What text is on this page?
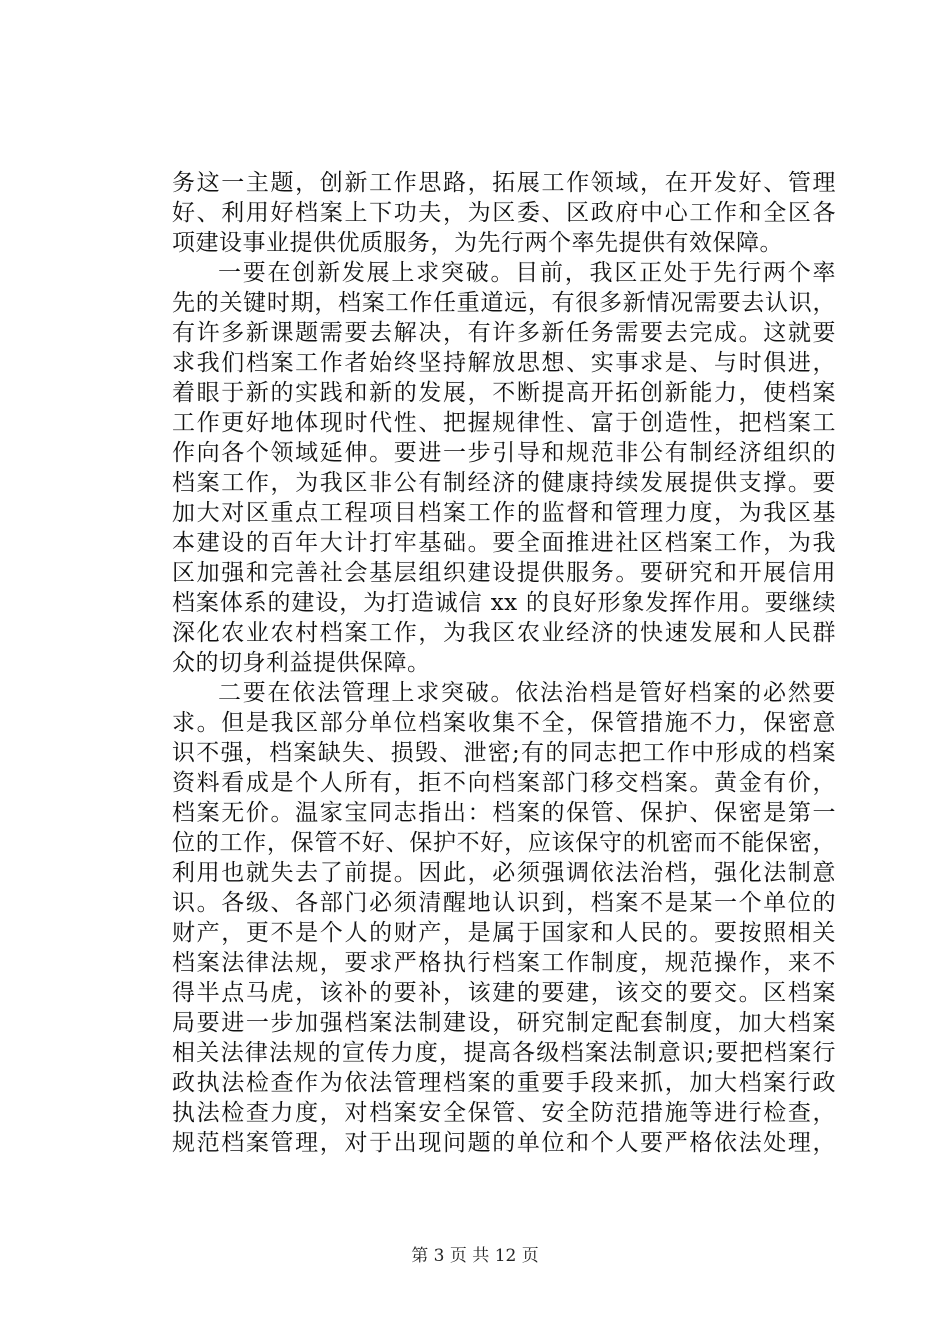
务这一主题，创新工作思路，拓展工作领域，在开发好、管理
好、利用好档案上下功夫，为区委、区政府中心工作和全区各
项建设事业提供优质服务，为先行两个率先提供有效保障。
一要在创新发展上求突破。目前，我区正处于先行两个率
先的关键时期，档案工作任重道远，有很多新情况需要去认识，
有许多新课题需要去解决，有许多新任务需要去完成。这就要
求我们档案工作者始终坚持解放思想、实事求是、与时俱进，
着眼于新的实践和新的发展，不断提高开拓创新能力，使档案
工作更好地体现时代性、把握规律性、富于创造性，把档案工
作向各个领域延伸。要进一步引导和规范非公有制经济组织的
档案工作，为我区非公有制经济的健康持续发展提供支撑。要
加大对区重点工程项目档案工作的监督和管理力度，为我区基
本建设的百年大计打牢基础。要全面推进社区档案工作，为我
区加强和完善社会基层组织建设提供服务。要研究和开展信用
档案体系的建设，为打造诚信 xx 的良好形象发挥作用。要继续
深化农业农村档案工作，为我区农业经济的快速发展和人民群
众的切身利益提供保障。
二要在依法管理上求突破。依法治档是管好档案的必然要
求。但是我区部分单位档案收集不全，保管措施不力，保密意
识不强，档案缺失、损毁、泄密;有的同志把工作中形成的档案
资料看成是个人所有，拒不向档案部门移交档案。黄金有价，
档案无价。温家宝同志指出：档案的保管、保护、保密是第一
位的工作，保管不好、保护不好，应该保守的机密而不能保密，
利用也就失去了前提。因此，必须强调依法治档，强化法制意
识。各级、各部门必须清醒地认识到，档案不是某一个单位的
财产，更不是个人的财产，是属于国家和人民的。要按照相关
档案法律法规，要求严格执行档案工作制度，规范操作，来不
得半点马虎，该补的要补，该建的要建，该交的要交。区档案
局要进一步加强档案法制建设，研究制定配套制度，加大档案
相关法律法规的宣传力度，提高各级档案法制意识;要把档案行
政执法检查作为依法管理档案的重要手段来抓，加大档案行政
执法检查力度，对档案安全保管、安全防范措施等进行检查，
规范档案管理，对于出现问题的单位和个人要严格依法处理，
第 3 页 共 12 页
